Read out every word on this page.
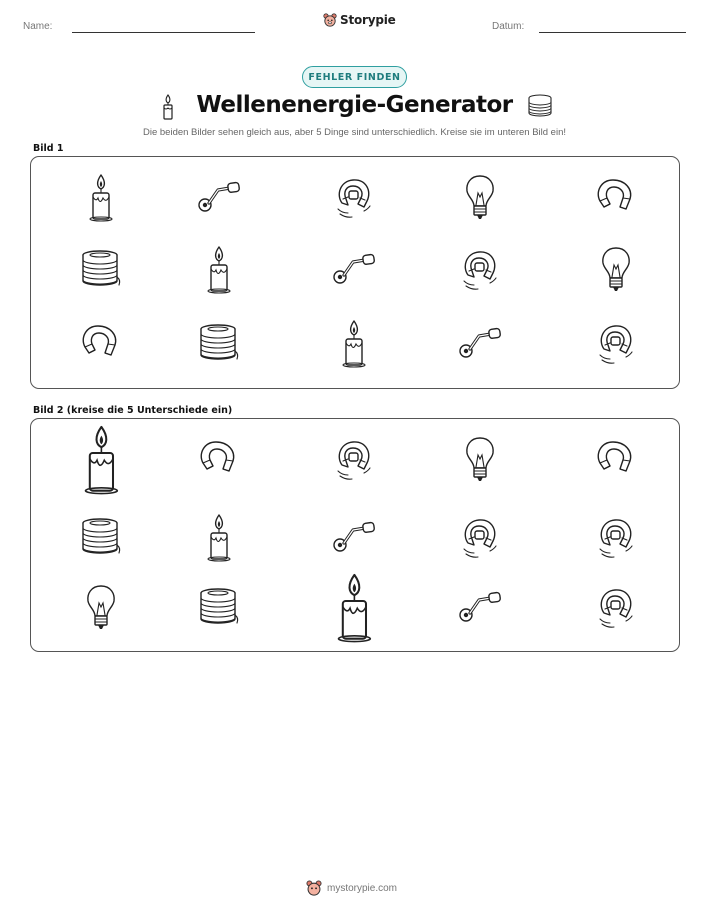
Name:	Storypie	Datum:
FEHLER FINDEN
Wellenenergie-Generator
Die beiden Bilder sehen gleich aus, aber 5 Dinge sind unterschiedlich. Kreise sie im unteren Bild ein!
Bild 1
Bild 2 (kreise die 5 Unterschiede ein)
mystorypie.com
